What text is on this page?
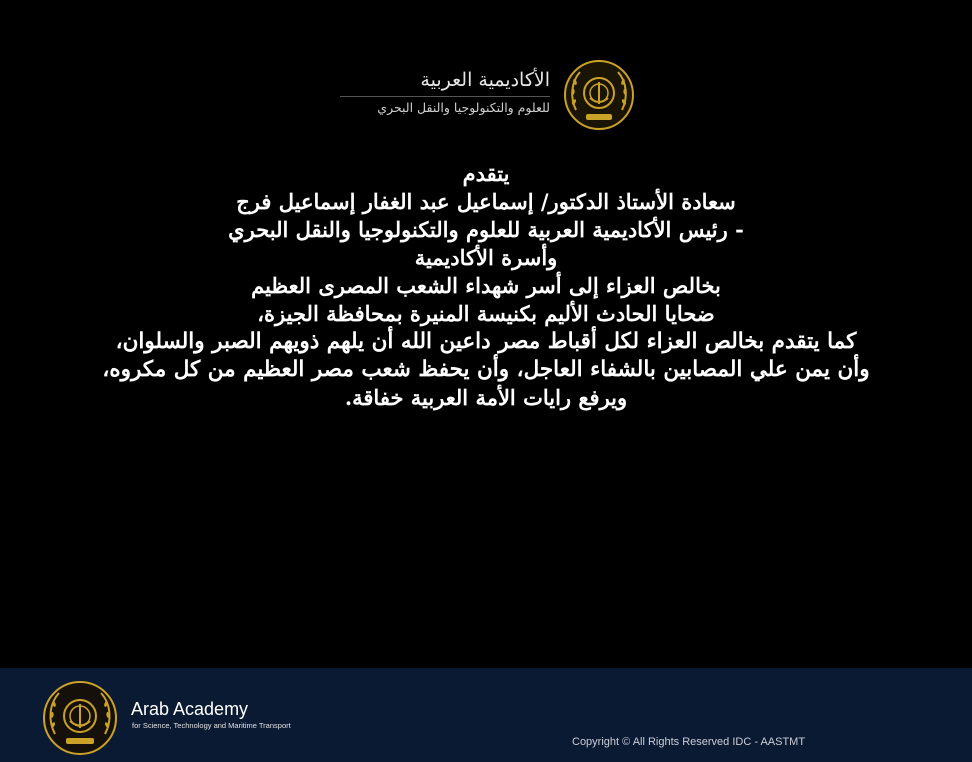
الأكاديمية العربية
للعلوم والتكنولوجيا والنقل البحري
يتقدم
سعادة الأستاذ الدكتور/ إسماعيل عبد الغفار إسماعيل فرج
- رئيس الأكاديمية العربية للعلوم والتكنولوجيا والنقل البحري
وأسرة الأكاديمية
بخالص العزاء إلى أسر شهداء الشعب المصرى العظيم
ضحايا الحادث الأليم بكنيسة المنيرة بمحافظة الجيزة،
كما يتقدم بخالص العزاء لكل أقباط مصر داعين الله أن يلهم ذويهم الصبر والسلوان،
وأن يمن علي المصابين بالشفاء العاجل، وأن يحفظ شعب مصر العظيم من كل مكروه،
ويرفع رايات الأمة العربية خفاقة.
Arab Academy
for Science, Technology and Maritime Transport
Copyright © All Rights Reserved IDC - AASTMT
